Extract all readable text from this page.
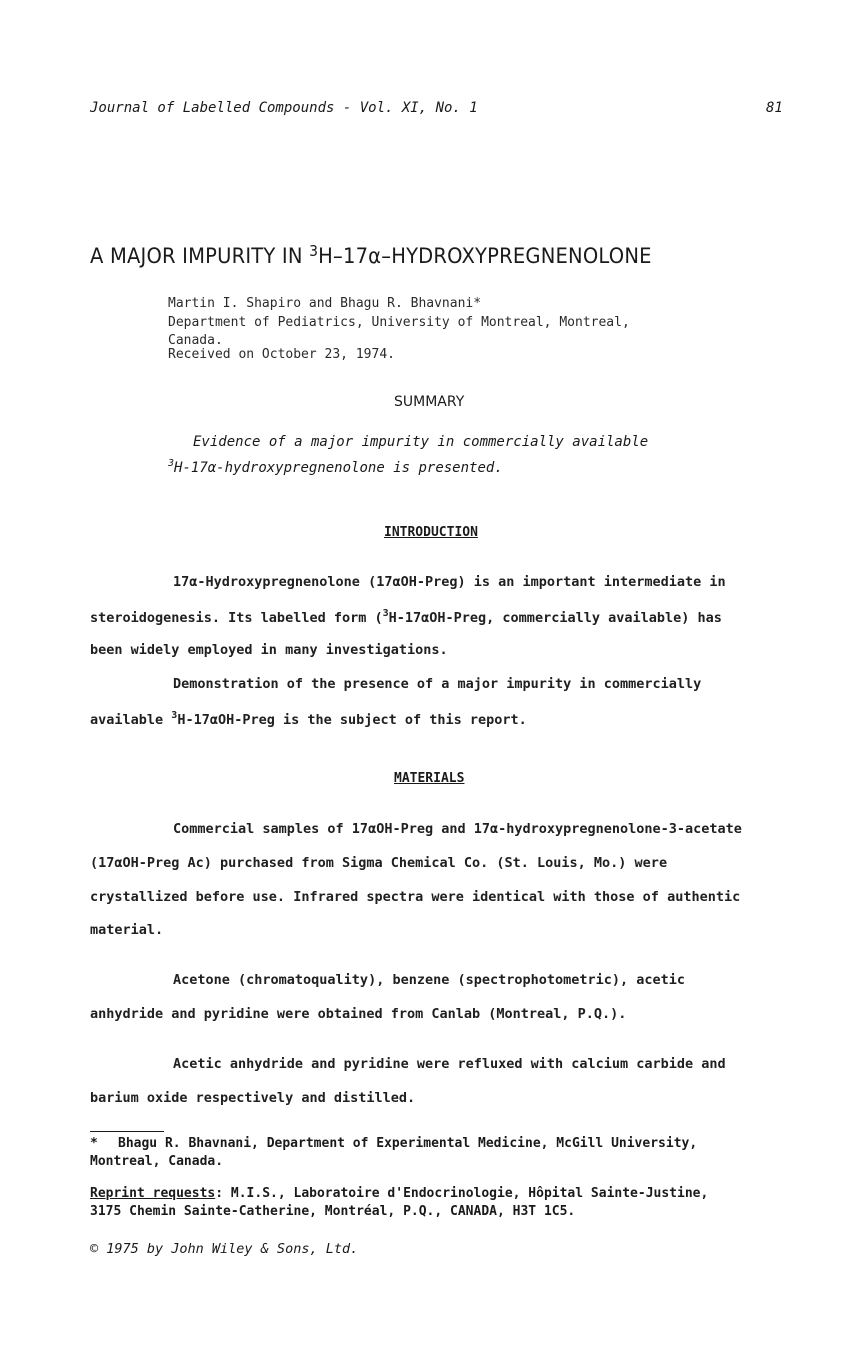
Journal of Labelled Compounds - Vol. XI, No. 1	81
A MAJOR IMPURITY IN $^3$H–17α–HYDROXYPREGNENOLONE
Martin I. Shapiro and Bhagu R. Bhavnani*
Department of Pediatrics, University of Montreal, Montreal,
Canada.
Received on October 23, 1974.
SUMMARY
Evidence of a major impurity in commercially available
$^3$H-17α-hydroxypregnenolone is presented.
INTRODUCTION
17α-Hydroxypregnenolone (17αOH-Preg) is an important intermediate in
steroidogenesis. Its labelled form ($^3$H-17αOH-Preg, commercially available) has
been widely employed in many investigations.
Demonstration of the presence of a major impurity in commercially
available $^3$H-17αOH-Preg is the subject of this report.
MATERIALS
Commercial samples of 17αOH-Preg and 17α-hydroxypregnenolone-3-acetate
(17αOH-Preg Ac) purchased from Sigma Chemical Co. (St. Louis, Mo.) were
crystallized before use. Infrared spectra were identical with those of authentic
material.
Acetone (chromatoquality), benzene (spectrophotometric), acetic
anhydride and pyridine were obtained from Canlab (Montreal, P.Q.).
Acetic anhydride and pyridine were refluxed with calcium carbide and
barium oxide respectively and distilled.
* Bhagu R. Bhavnani, Department of Experimental Medicine, McGill University,
Montreal, Canada.
Reprint requests: M.I.S., Laboratoire d'Endocrinologie, Hôpital Sainte-Justine,
3175 Chemin Sainte-Catherine, Montréal, P.Q., CANADA, H3T 1C5.
© 1975 by John Wiley & Sons, Ltd.
